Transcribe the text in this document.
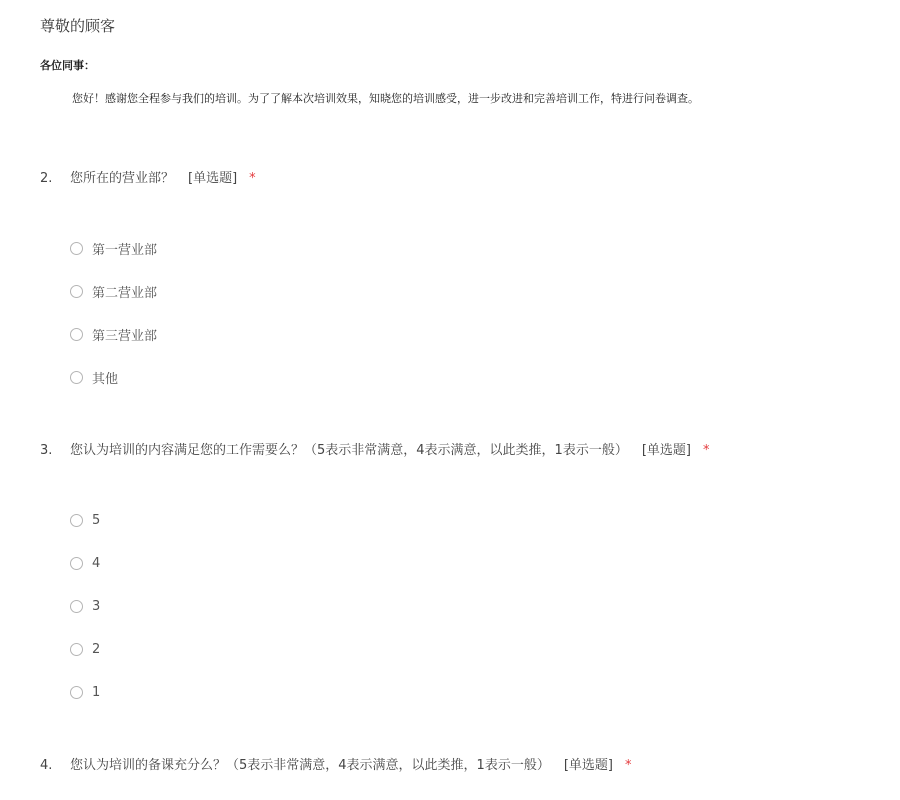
尊敬的顾客
各位同事：
您好！感谢您全程参与我们的培训。为了了解本次培训效果，知晓您的培训感受，进一步改进和完善培训工作，特进行问卷调查。
2. 您所在的营业部？ [单选题] *
第一营业部
第二营业部
第三营业部
其他
3. 您认为培训的内容满足您的工作需要么？（5表示非常满意，4表示满意，以此类推，1表示一般） [单选题] *
5
4
3
2
1
4. 您认为培训的备课充分么？（5表示非常满意，4表示满意，以此类推，1表示一般） [单选题] *
